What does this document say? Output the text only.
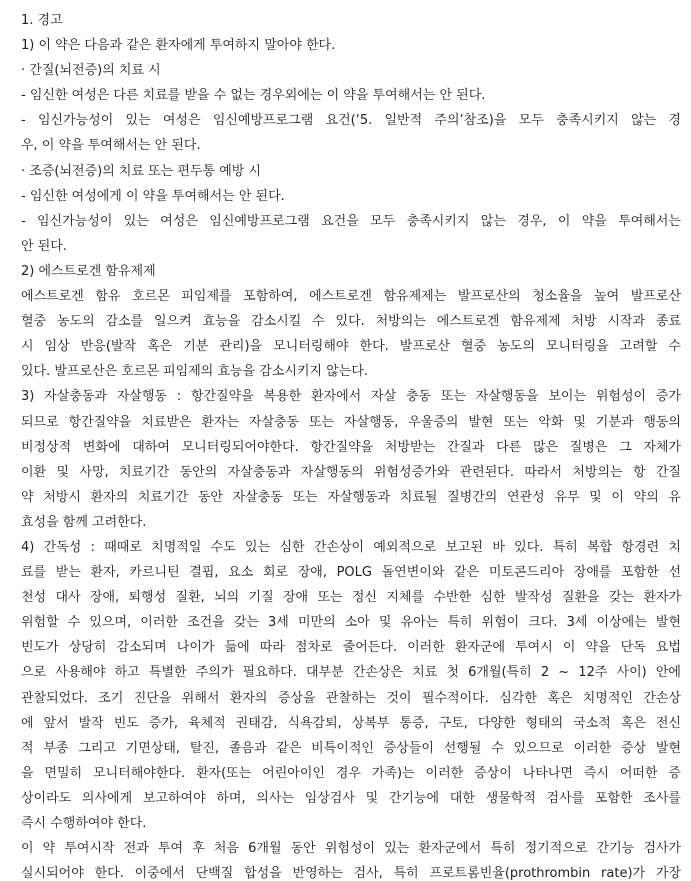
1. 경고
1) 이 약은 다음과 같은 환자에게 투여하지 말아야 한다.
· 간질(뇌전증)의 치료 시
- 임신한 여성은 다른 치료를 받을 수 없는 경우외에는 이 약을 투여해서는 안 된다.
- 임신가능성이 있는 여성은 임신예방프로그램 요건(‘5. 일반적 주의’참조)을 모두 충족시키지 않는 경
우, 이 약을 투여해서는 안 된다.
· 조증(뇌전증)의 치료 또는 편두통 예방 시
- 임신한 여성에게 이 약을 투여해서는 안 된다.
- 임신가능성이 있는 여성은 임신예방프로그램 요건을 모두 충족시키지 않는 경우, 이 약을 투여해서는
안 된다.
2) 에스트로겐 함유제제
에스트로겐 함유 호르몬 피임제를 포함하여, 에스트로겐 함유제제는 발프로산의 청소율을 높여 발프로산
혈중 농도의 감소를 일으켜 효능을 감소시킬 수 있다. 처방의는 에스트로겐 함유제제 처방 시작과 종료
시 임상 반응(발작 혹은 기분 관리)을 모니터링해야 한다. 발프로산 혈중 농도의 모니터링을 고려할 수
있다. 발프로산은 호르몬 피임제의 효능을 감소시키지 않는다.
3) 자살충동과 자살행동 : 항간질약을 복용한 환자에서 자살 충동 또는 자살행동을 보이는 위험성이 증가
되므로 항간질약을 치료받은 환자는 자살충동 또는 자살행동, 우울증의 발현 또는 악화 및 기분과 행동의
비정상적 변화에 대하여 모니터링되어야한다. 항간질약을 처방받는 간질과 다른 많은 질병은 그 자체가
이환 및 사망, 치료기간 동안의 자살충동과 자살행동의 위험성증가와 관련된다. 따라서 처방의는 항 간질
약 처방시 환자의 치료기간 동안 자살충동 또는 자살행동과 치료될 질병간의 연관성 유무 및 이 약의 유
효성을 함께 고려한다.
4) 간독성 : 때때로 치명적일 수도 있는 심한 간손상이 예외적으로 보고된 바 있다. 특히 복합 항경련 치
료를 받는 환자, 카르니틴 결핍, 요소 회로 장애, POLG 돌연변이와 같은 미토콘드리아 장애를 포함한 선
천성 대사 장애, 퇴행성 질환, 뇌의 기질 장애 또는 정신 지체를 수반한 심한 발작성 질환을 갖는 환자가
위험할 수 있으며, 이러한 조건을 갖는 3세 미만의 소아 및 유아는 특히 위험이 크다. 3세 이상에는 발현
빈도가 상당히 감소되며 나이가 듦에 따라 점차로 줄어든다. 이러한 환자군에 투여시 이 약을 단독 요법
으로 사용해야 하고 특별한 주의가 필요하다. 대부분 간손상은 치료 첫 6개월(특히 2 ~ 12주 사이) 안에
관찰되었다. 조기 진단을 위해서 환자의 증상을 관찰하는 것이 필수적이다. 심각한 혹은 치명적인 간손상
에 앞서 발작 빈도 증가, 육체적 권태감, 식욕감퇴, 상복부 통증, 구토, 다양한 형태의 국소적 혹은 전신
적 부종 그리고 기면상태, 탈진, 졸음과 같은 비특이적인 증상들이 선행될 수 있으므로 이러한 증상 발현
을 면밀히 모니터해야한다. 환자(또는 어린아이인 경우 가족)는 이러한 증상이 나타나면 즉시 어떠한 증
상이라도 의사에게 보고하여야 하며, 의사는 임상검사 및 간기능에 대한 생물학적 검사를 포함한 조사를
즉시 수행하여야 한다.
이 약 투여시작 전과 투여 후 처음 6개월 동안 위험성이 있는 환자군에서 특히 정기적으로 간기능 검사가
실시되어야 한다. 이중에서 단백질 합성을 반영하는 검사, 특히 프로트롬빈율(prothrombin rate)가 가장
